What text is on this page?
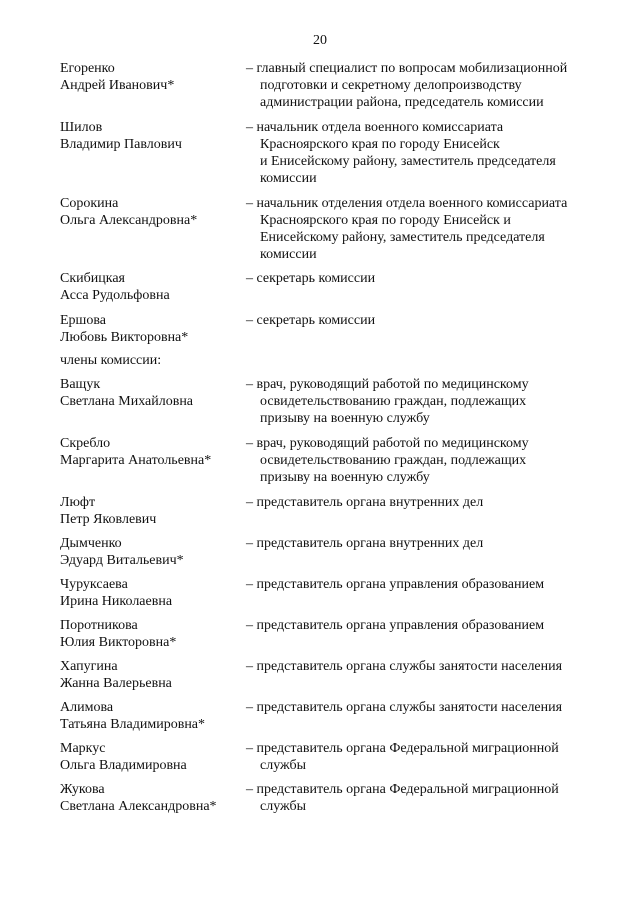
20
Егоренко
Андрей Иванович*
– главный специалист по вопросам мобилизационной
подготовки и секретному делопроизводству
администрации района, председатель комиссии
Шилов
Владимир Павлович
– начальник отдела военного комиссариата
Красноярского края по городу Енисейск
и Енисейскому району, заместитель председателя
комиссии
Сорокина
Ольга Александровна*
– начальник отделения отдела военного комиссариата
Красноярского края по городу Енисейск и
Енисейскому району, заместитель председателя
комиссии
Скибицкая
Асса Рудольфовна
– секретарь комиссии
Ершова
Любовь Викторовна*
– секретарь комиссии
члены комиссии:
Ващук
Светлана Михайловна
– врач, руководящий работой по медицинскому
освидетельствованию граждан, подлежащих
призыву на военную службу
Скребло
Маргарита Анатольевна*
– врач, руководящий работой по медицинскому
освидетельствованию граждан, подлежащих
призыву на военную службу
Люфт
Петр Яковлевич
– представитель органа внутренних дел
Дымченко
Эдуард Витальевич*
– представитель органа внутренних дел
Чуруксаева
Ирина Николаевна
– представитель органа управления образованием
Поротникова
Юлия Викторовна*
– представитель органа управления образованием
Хапугина
Жанна Валерьевна
– представитель органа службы занятости населения
Алимова
Татьяна Владимировна*
– представитель органа службы занятости населения
Маркус
Ольга Владимировна
– представитель органа Федеральной миграционной
службы
Жукова
Светлана Александровна*
– представитель органа Федеральной миграционной
службы
